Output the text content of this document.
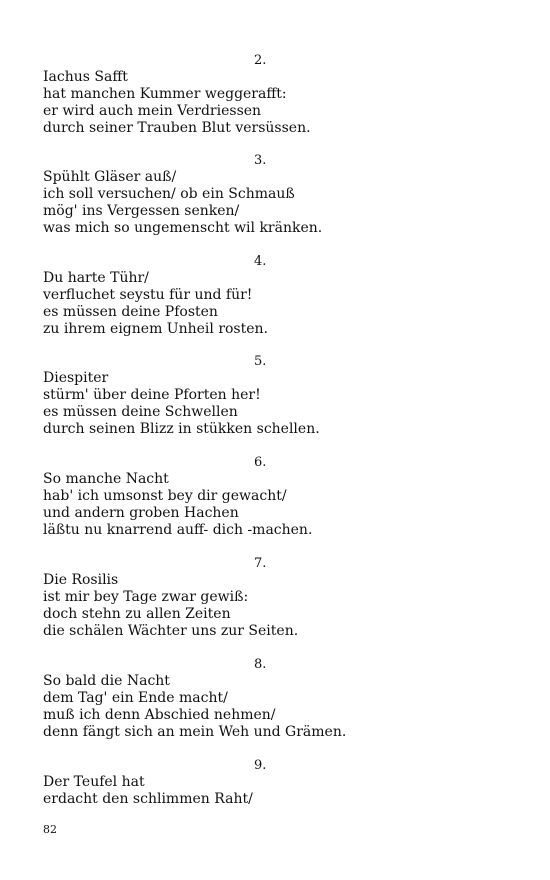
2.
Iachus Safft
hat manchen Kummer weggerafft:
er wird auch mein Verdriessen
durch seiner Trauben Blut versüssen.
3.
Spühlt Gläser auß/
ich soll versuchen/ ob ein Schmauß
mög' ins Vergessen senken/
was mich so ungemenscht wil kränken.
4.
Du harte Tühr/
verfluchet seystu für und für!
es müssen deine Pfosten
zu ihrem eignem Unheil rosten.
5.
Diespiter
stürm' über deine Pforten her!
es müssen deine Schwellen
durch seinen Blizz in stükken schellen.
6.
So manche Nacht
hab' ich umsonst bey dir gewacht/
und andern groben Hachen
läßtu nu knarrend auff- dich -machen.
7.
Die Rosilis
ist mir bey Tage zwar gewiß:
doch stehn zu allen Zeiten
die schälen Wächter uns zur Seiten.
8.
So bald die Nacht
dem Tag' ein Ende macht/
muß ich denn Abschied nehmen/
denn fängt sich an mein Weh und Grämen.
9.
Der Teufel hat
erdacht den schlimmen Raht/
82
